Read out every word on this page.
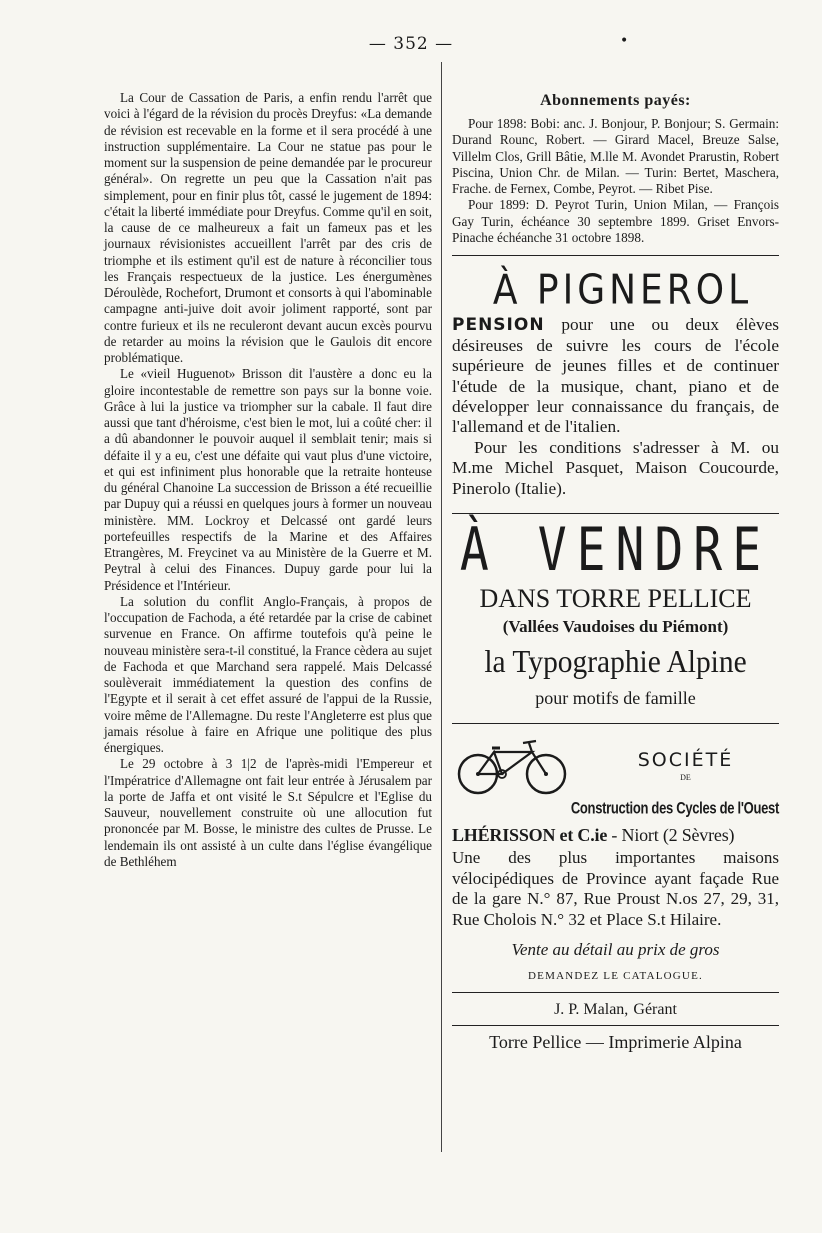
— 352 —	•

La Cour de Cassation de Paris, a enfin rendu l'arrêt que voici à l'égard de la révision du procès Dreyfus: «La demande de révision est recevable en la forme et il sera procédé à une instruction supplémentaire. La Cour ne statue pas pour le moment sur la suspension de peine demandée par le procureur général». On regrette un peu que la Cassation n'ait pas simplement, pour en finir plus tôt, cassé le jugement de 1894: c'était la liberté immédiate pour Dreyfus. Comme qu'il en soit, la cause de ce malheureux a fait un fameux pas et les journaux révisionistes accueillent l'arrêt par des cris de triomphe et ils estiment qu'il est de nature à réconcilier tous les Français respectueux de la justice. Les énergumènes Déroulède, Rochefort, Drumont et consorts à qui l'abominable campagne anti-juive doit avoir joliment rapporté, sont par contre furieux et ils ne reculeront devant aucun excès pourvu de retarder au moins la révision que le Gaulois dit encore problématique.

Le «vieil Huguenot» Brisson dit l'austère a donc eu la gloire incontestable de remettre son pays sur la bonne voie. Grâce à lui la justice va triompher sur la cabale. Il faut dire aussi que tant d'héroisme, c'est bien le mot, lui a coûté cher: il a dû abandonner le pouvoir auquel il semblait tenir; mais si défaite il y a eu, c'est une défaite qui vaut plus d'une victoire, et qui est infiniment plus honorable que la retraite honteuse du général Chanoine La succession de Brisson a été recueillie par Dupuy qui a réussi en quelques jours à former un nouveau ministère. MM. Lockroy et Delcassé ont gardé leurs portefeuilles respectifs de la Marine et des Affaires Etrangères, M. Freycinet va au Ministère de la Guerre et M. Peytral à celui des Finances. Dupuy garde pour lui la Présidence et l'Intérieur.

La solution du conflit Anglo-Français, à propos de l'occupation de Fachoda, a été retardée par la crise de cabinet survenue en France. On affirme toutefois qu'à peine le nouveau ministère sera-t-il constitué, la France cèdera au sujet de Fachoda et que Marchand sera rappelé. Mais Delcassé soulèverait immédiatement la question des confins de l'Egypte et il serait à cet effet assuré de l'appui de la Russie, voire même de l'Allemagne. Du reste l'Angleterre est plus que jamais résolue à faire en Afrique une politique des plus énergiques.

Le 29 octobre à 3 1|2 de l'après-midi l'Empereur et l'Impératrice d'Allemagne ont fait leur entrée à Jérusalem par la porte de Jaffa et ont visité le S.t Sépulcre et l'Eglise du Sauveur, nouvellement construite où une allocution fut prononcée par M. Bosse, le ministre des cultes de Prusse. Le lendemain ils ont assisté à un culte dans l'église évangélique de Bethléhem

Abonnements payés:

Pour 1898: Bobi: anc. J. Bonjour, P. Bonjour; S. Germain: Durand Rounc, Robert. — Girard Macel, Breuze Salse, Villelm Clos, Grill Bâtie, M.lle M. Avondet Prarustin, Robert Piscina, Union Chr. de Milan. — Turin: Bertet, Maschera, Frache. de Fernex, Combe, Peyrot. — Ribet Pise.

Pour 1899: D. Peyrot Turin, Union Milan, — François Gay Turin, échéance 30 septembre 1899. Griset Envors-Pinache échéanche 31 octobre 1898.

À PIGNEROL

PENSION pour une ou deux élèves désireuses de suivre les cours de l'école supérieure de jeunes filles et de continuer l'étude de la musique, chant, piano et de développer leur connaissance du français, de l'allemand et de l'italien.

Pour les conditions s'adresser à M. ou M.me Michel Pasquet, Maison Coucourde, Pinerolo (Italie).

À VENDRE
DANS TORRE PELLICE
(Vallées Vaudoises du Piémont)
la Typographie Alpine
pour motifs de famille
SOCIÉTÉ
DE
Construction des Cycles de l'Ouest
LHÉRISSON et C.ie - Niort (2 Sèvres)
Une des plus importantes maisons vélocipédiques de Province ayant façade Rue de la gare N.° 87, Rue Proust N.os 27, 29, 31, Rue Cholois N.° 32 et Place S.t Hilaire.
Vente au détail au prix de gros
DEMANDEZ LE CATALOGUE.
J. P. Malan, Gérant
Torre Pellice — Imprimerie Alpina
